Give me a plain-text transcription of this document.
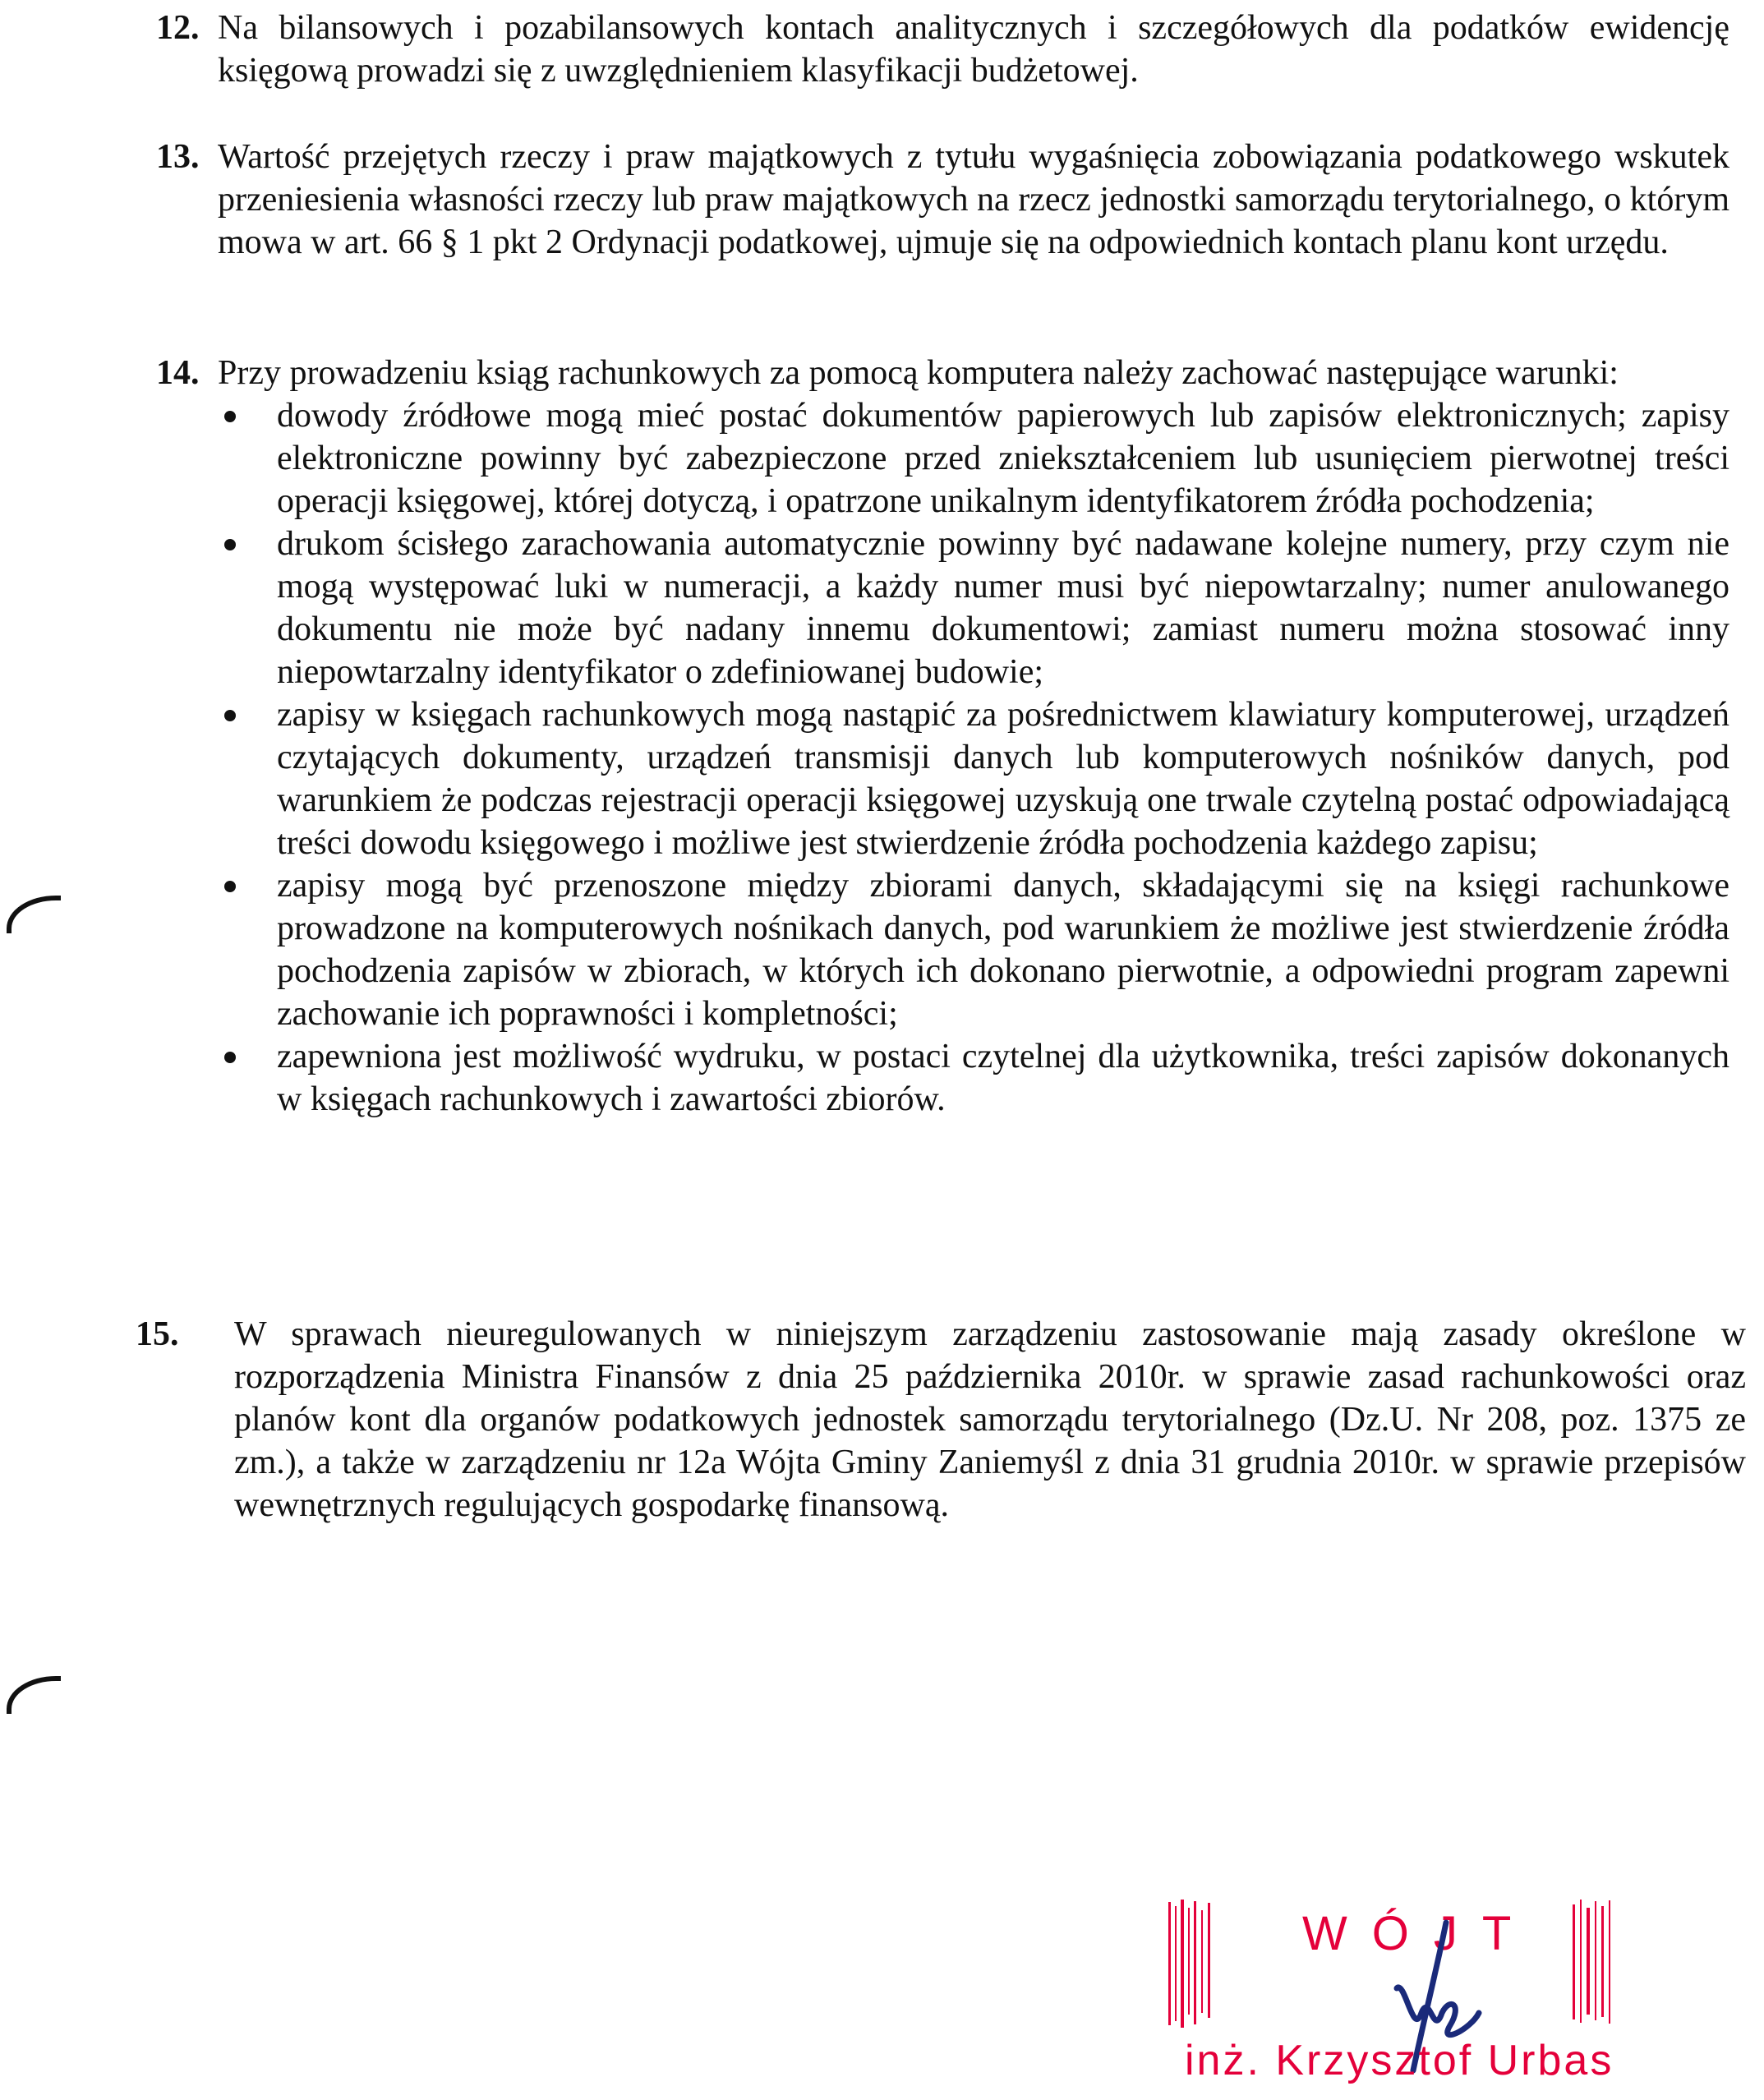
12. Na bilansowych i pozabilansowych kontach analitycznych i szczegółowych dla podatków ewidencję księgową prowadzi się z uwzględnieniem klasyfikacji budżetowej.
13. Wartość przejętych rzeczy i praw majątkowych z tytułu wygaśnięcia zobowiązania podatkowego wskutek przeniesienia własności rzeczy lub praw majątkowych na rzecz jednostki samorządu terytorialnego, o którym mowa w art. 66 § 1 pkt 2 Ordynacji podatkowej, ujmuje się na odpowiednich kontach planu kont urzędu.
14. Przy prowadzeniu ksiąg rachunkowych za pomocą komputera należy zachować następujące warunki:
dowody źródłowe mogą mieć postać dokumentów papierowych lub zapisów elektronicznych; zapisy elektroniczne powinny być zabezpieczone przed zniekształceniem lub usunięciem pierwotnej treści operacji księgowej, której dotyczą, i opatrzone unikalnym identyfikatorem źródła pochodzenia;
drukom ścisłego zarachowania automatycznie powinny być nadawane kolejne numery, przy czym nie mogą występować luki w numeracji, a każdy numer musi być niepowtarzalny; numer anulowanego dokumentu nie może być nadany innemu dokumentowi; zamiast numeru można stosować inny niepowtarzalny identyfikator o zdefiniowanej budowie;
zapisy w księgach rachunkowych mogą nastąpić za pośrednictwem klawiatury komputerowej, urządzeń czytających dokumenty, urządzeń transmisji danych lub komputerowych nośników danych, pod warunkiem że podczas rejestracji operacji księgowej uzyskują one trwale czytelną postać odpowiadającą treści dowodu księgowego i możliwe jest stwierdzenie źródła pochodzenia każdego zapisu;
zapisy mogą być przenoszone między zbiorami danych, składającymi się na księgi rachunkowe prowadzone na komputerowych nośnikach danych, pod warunkiem że możliwe jest stwierdzenie źródła pochodzenia zapisów w zbiorach, w których ich dokonano pierwotnie, a odpowiedni program zapewni zachowanie ich poprawności i kompletności;
zapewniona jest możliwość wydruku, w postaci czytelnej dla użytkownika, treści zapisów dokonanych w księgach rachunkowych i zawartości zbiorów.
15. W sprawach nieuregulowanych w niniejszym zarządzeniu zastosowanie mają zasady określone w rozporządzenia Ministra Finansów z dnia 25 października 2010r. w sprawie zasad rachunkowości oraz planów kont dla organów podatkowych jednostek samorządu terytorialnego (Dz.U. Nr 208, poz. 1375 ze zm.), a także w zarządzeniu nr 12a Wójta Gminy Zaniemyśl z dnia 31 grudnia 2010r. w sprawie przepisów wewnętrznych regulujących gospodarkę finansową.
WÓJT
inż. Krzysztof Urbas
